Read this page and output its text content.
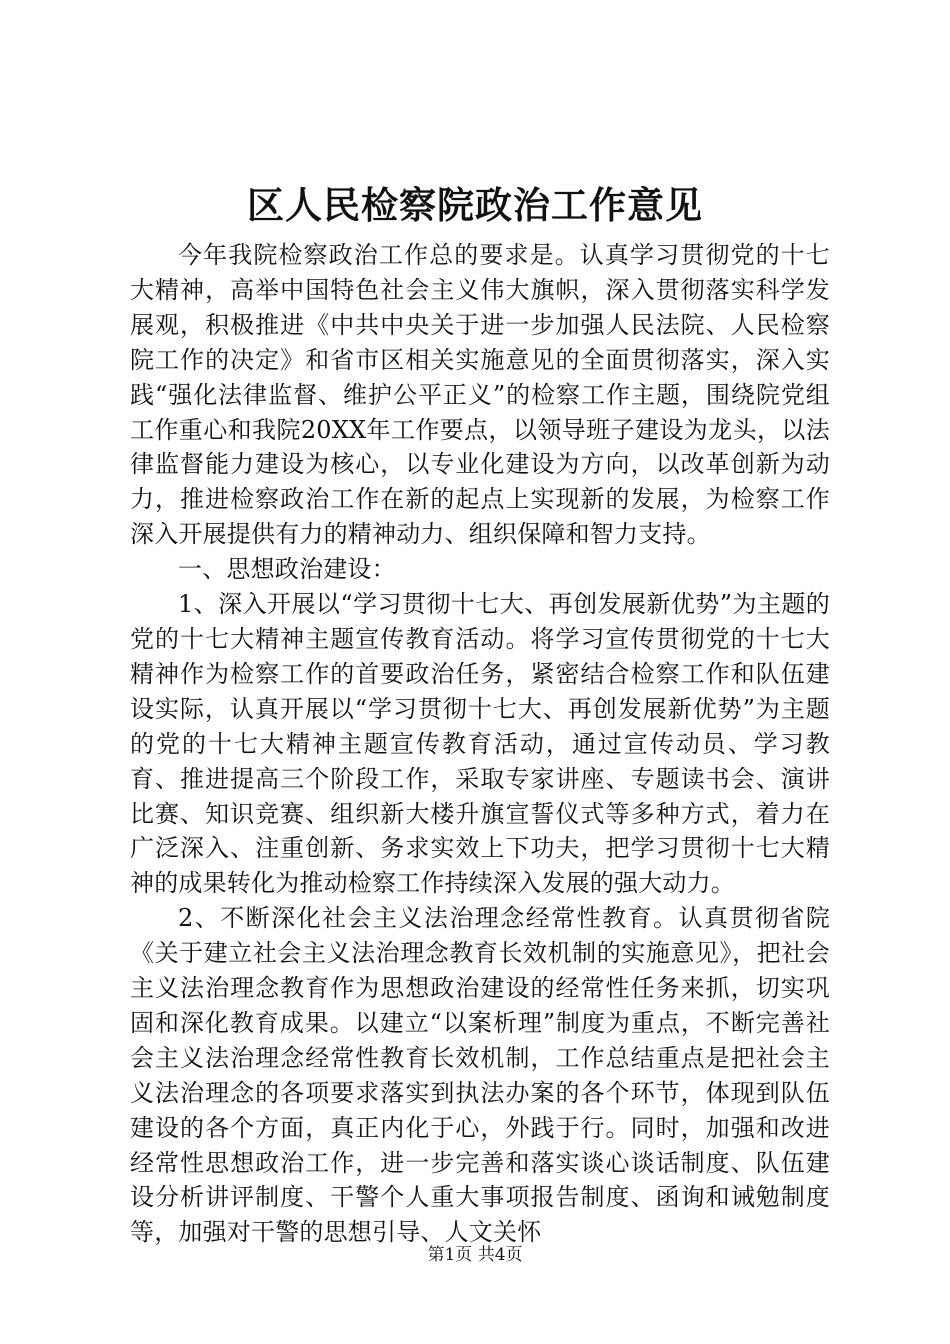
区人民检察院政治工作意见

今年我院检察政治工作总的要求是。认真学习贯彻党的十七大精神，高举中国特色社会主义伟大旗帜，深入贯彻落实科学发展观，积极推进《中共中央关于进一步加强人民法院、人民检察院工作的决定》和省市区相关实施意见的全面贯彻落实，深入实践“强化法律监督、维护公平正义”的检察工作主题，围绕院党组工作重心和我院20XX年工作要点，以领导班子建设为龙头，以法律监督能力建设为核心，以专业化建设为方向，以改革创新为动力，推进检察政治工作在新的起点上实现新的发展，为检察工作深入开展提供有力的精神动力、组织保障和智力支持。

一、思想政治建设：

1、深入开展以“学习贯彻十七大、再创发展新优势”为主题的党的十七大精神主题宣传教育活动。将学习宣传贯彻党的十七大精神作为检察工作的首要政治任务，紧密结合检察工作和队伍建设实际，认真开展以“学习贯彻十七大、再创发展新优势”为主题的党的十七大精神主题宣传教育活动，通过宣传动员、学习教育、推进提高三个阶段工作，采取专家讲座、专题读书会、演讲比赛、知识竞赛、组织新大楼升旗宣誓仪式等多种方式，着力在广泛深入、注重创新、务求实效上下功夫，把学习贯彻十七大精神的成果转化为推动检察工作持续深入发展的强大动力。

2、不断深化社会主义法治理念经常性教育。认真贯彻省院《关于建立社会主义法治理念教育长效机制的实施意见》，把社会主义法治理念教育作为思想政治建设的经常性任务来抓，切实巩固和深化教育成果。以建立“以案析理”制度为重点，不断完善社会主义法治理念经常性教育长效机制，工作总结重点是把社会主义法治理念的各项要求落实到执法办案的各个环节，体现到队伍建设的各个方面，真正内化于心，外践于行。同时，加强和改进经常性思想政治工作，进一步完善和落实谈心谈话制度、队伍建设分析讲评制度、干警个人重大事项报告制度、函询和诫勉制度等，加强对干警的思想引导、人文关怀

第1页 共4页
